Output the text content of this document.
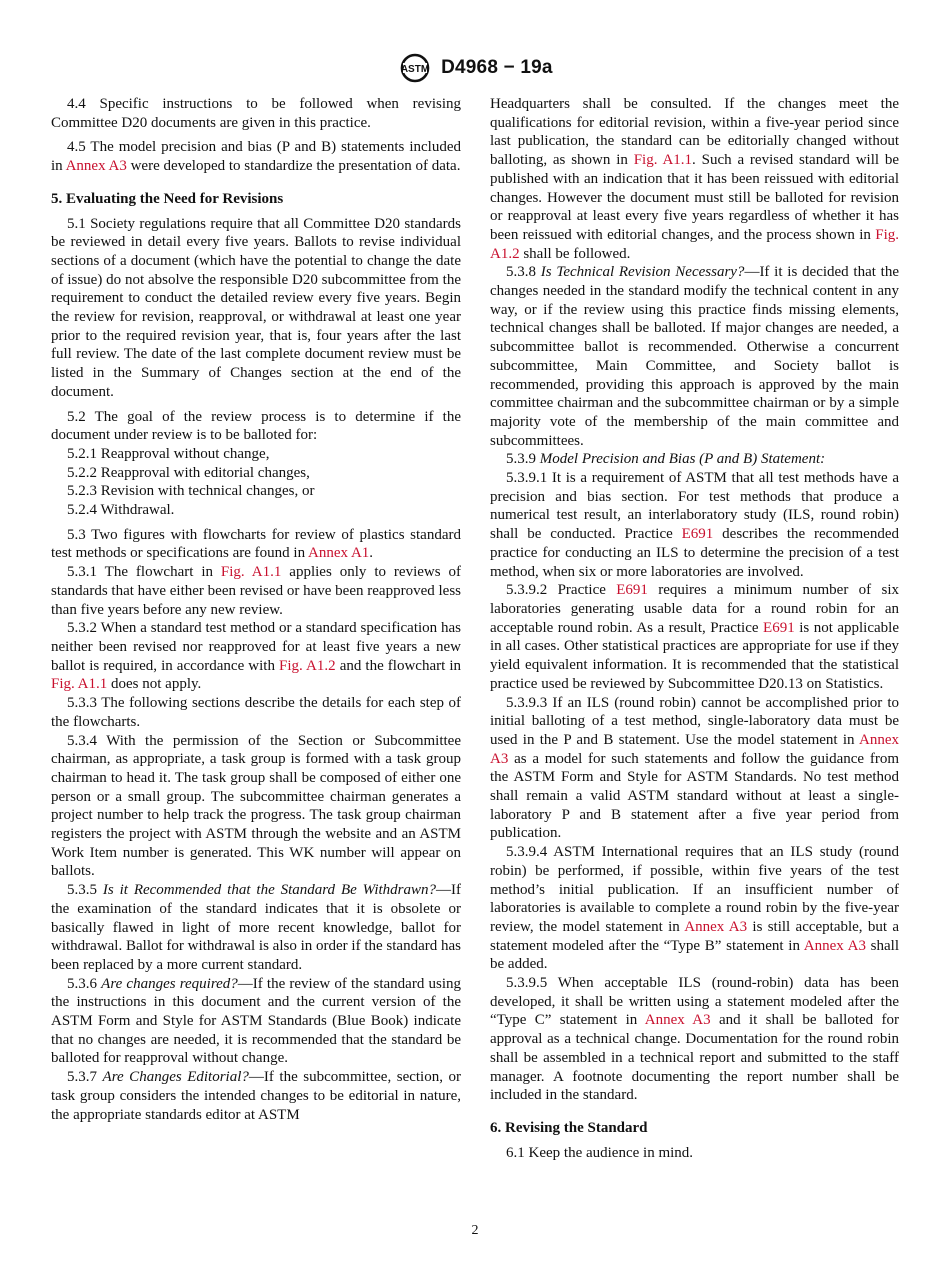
ASTM D4968 − 19a

4.4 Specific instructions to be followed when revising Committee D20 documents are given in this practice.

4.5 The model precision and bias (P and B) statements included in Annex A3 were developed to standardize the presentation of data.

5. Evaluating the Need for Revisions

5.1 Society regulations require that all Committee D20 standards be reviewed in detail every five years. Ballots to revise individual sections of a document (which have the potential to change the date of issue) do not absolve the responsible D20 subcommittee from the requirement to conduct the detailed review every five years. Begin the review for revision, reapproval, or withdrawal at least one year prior to the required revision year, that is, four years after the last full review. The date of the last complete document review must be listed in the Summary of Changes section at the end of the document.

5.2 The goal of the review process is to determine if the document under review is to be balloted for:

5.2.1 Reapproval without change,

5.2.2 Reapproval with editorial changes,

5.2.3 Revision with technical changes, or

5.2.4 Withdrawal.

5.3 Two figures with flowcharts for review of plastics standard test methods or specifications are found in Annex A1.

5.3.1 The flowchart in Fig. A1.1 applies only to reviews of standards that have either been revised or have been reapproved less than five years before any new review.

5.3.2 When a standard test method or a standard specification has neither been revised nor reapproved for at least five years a new ballot is required, in accordance with Fig. A1.2 and the flowchart in Fig. A1.1 does not apply.

5.3.3 The following sections describe the details for each step of the flowcharts.

5.3.4 With the permission of the Section or Subcommittee chairman, as appropriate, a task group is formed with a task group chairman to head it. The task group shall be composed of either one person or a small group. The subcommittee chairman generates a project number to help track the progress. The task group chairman registers the project with ASTM through the website and an ASTM Work Item number is generated. This WK number will appear on ballots.

5.3.5 Is it Recommended that the Standard Be Withdrawn?—If the examination of the standard indicates that it is obsolete or basically flawed in light of more recent knowledge, ballot for withdrawal. Ballot for withdrawal is also in order if the standard has been replaced by a more current standard.

5.3.6 Are changes required?—If the review of the standard using the instructions in this document and the current version of the ASTM Form and Style for ASTM Standards (Blue Book) indicate that no changes are needed, it is recommended that the standard be balloted for reapproval without change.

5.3.7 Are Changes Editorial?—If the subcommittee, section, or task group considers the intended changes to be editorial in nature, the appropriate standards editor at ASTM

Headquarters shall be consulted. If the changes meet the qualifications for editorial revision, within a five-year period since last publication, the standard can be editorially changed without balloting, as shown in Fig. A1.1. Such a revised standard will be published with an indication that it has been reissued with editorial changes. However the document must still be balloted for revision or reapproval at least every five years regardless of whether it has been reissued with editorial changes, and the process shown in Fig. A1.2 shall be followed.

5.3.8 Is Technical Revision Necessary?—If it is decided that the changes needed in the standard modify the technical content in any way, or if the review using this practice finds missing elements, technical changes shall be balloted. If major changes are needed, a subcommittee ballot is recommended. Otherwise a concurrent subcommittee, Main Committee, and Society ballot is recommended, providing this approach is approved by the main committee chairman and the subcommittee chairman or by a simple majority vote of the membership of the main committee and subcommittees.

5.3.9 Model Precision and Bias (P and B) Statement:

5.3.9.1 It is a requirement of ASTM that all test methods have a precision and bias section. For test methods that produce a numerical test result, an interlaboratory study (ILS, round robin) shall be conducted. Practice E691 describes the recommended practice for conducting an ILS to determine the precision of a test method, when six or more laboratories are involved.

5.3.9.2 Practice E691 requires a minimum number of six laboratories generating usable data for a round robin for an acceptable round robin. As a result, Practice E691 is not applicable in all cases. Other statistical practices are appropriate for use if they yield equivalent information. It is recommended that the statistical practice used be reviewed by Subcommittee D20.13 on Statistics.

5.3.9.3 If an ILS (round robin) cannot be accomplished prior to initial balloting of a test method, single-laboratory data must be used in the P and B statement. Use the model statement in Annex A3 as a model for such statements and follow the guidance from the ASTM Form and Style for ASTM Standards. No test method shall remain a valid ASTM standard without at least a single-laboratory P and B statement after a five year period from publication.

5.3.9.4 ASTM International requires that an ILS study (round robin) be performed, if possible, within five years of the test method’s initial publication. If an insufficient number of laboratories is available to complete a round robin by the five-year review, the model statement in Annex A3 is still acceptable, but a statement modeled after the “Type B” statement in Annex A3 shall be added.

5.3.9.5 When acceptable ILS (round-robin) data has been developed, it shall be written using a statement modeled after the “Type C” statement in Annex A3 and it shall be balloted for approval as a technical change. Documentation for the round robin shall be assembled in a technical report and submitted to the staff manager. A footnote documenting the report number shall be included in the standard.

6. Revising the Standard

6.1 Keep the audience in mind.

2
